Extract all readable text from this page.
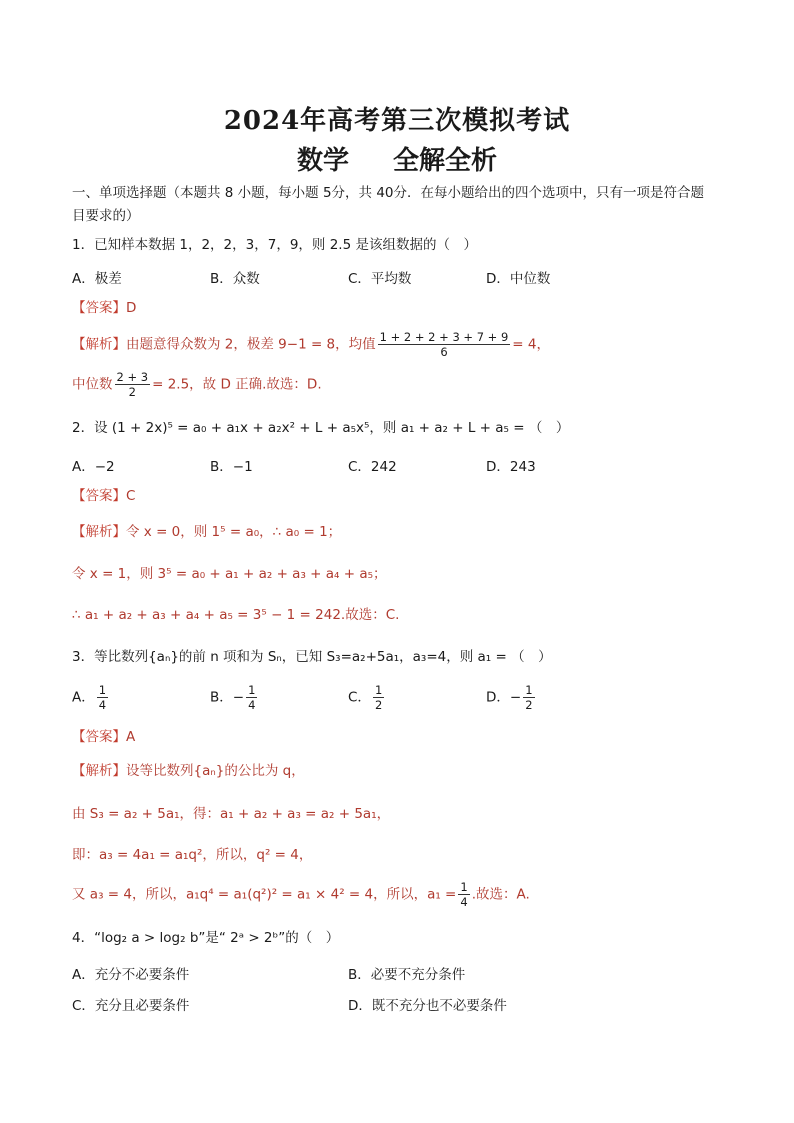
2024年高考第三次模拟考试
数学 全解全析
一、单项选择题（本题共 8 小题，每小题 5分，共 40分．在每小题给出的四个选项中，只有一项是符合题
目要求的）
1．已知样本数据 1，2，2，3，7，9，则 2.5 是该组数据的（　）
A．极差	B．众数	C．平均数	D．中位数
【答案】D
【解析】由题意得众数为 2，极差 9−1 = 8，均值 $\frac{1 + 2 + 2 + 3 + 7 + 9}{6} = 4$，
中位数 $\frac{2 + 3}{2} = 2.5$，故 D 正确.故选：D.
2．设 (1 + 2x)⁵ = a₀ + a₁x + a₂x² + L + a₅x⁵，则 a₁ + a₂ + L + a₅ = （　）
A．−2	B．−1	C．242	D．243
【答案】C
【解析】令 x = 0，则 1⁵ = a₀，∴ a₀ = 1；
令 x = 1，则 3⁵ = a₀ + a₁ + a₂ + a₃ + a₄ + a₅；
∴ a₁ + a₂ + a₃ + a₄ + a₅ = 3⁵ − 1 = 242.故选：C.
3．等比数列{aₙ}的前 n 项和为 Sₙ，已知 S₃=a₂+5a₁，a₃=4，则 a₁ = （　）
A． $\frac{1}{4}$	B．− $\frac{1}{4}$	C． $\frac{1}{2}$	D．− $\frac{1}{2}$
【答案】A
【解析】设等比数列{aₙ}的公比为 q，
由 S₃ = a₂ + 5a₁，得：a₁ + a₂ + a₃ = a₂ + 5a₁，
即：a₃ = 4a₁ = a₁q²，所以，q² = 4，
又 a₃ = 4，所以，a₁q⁴ = a₁(q²)² = a₁ × 4² = 4，所以，$a_1 = \frac{1}{4}$ .故选：A.
4．“log₂ a > log₂ b”是“ 2ᵃ > 2ᵇ”的（　）
A．充分不必要条件	B．必要不充分条件
C．充分且必要条件	D．既不充分也不必要条件
